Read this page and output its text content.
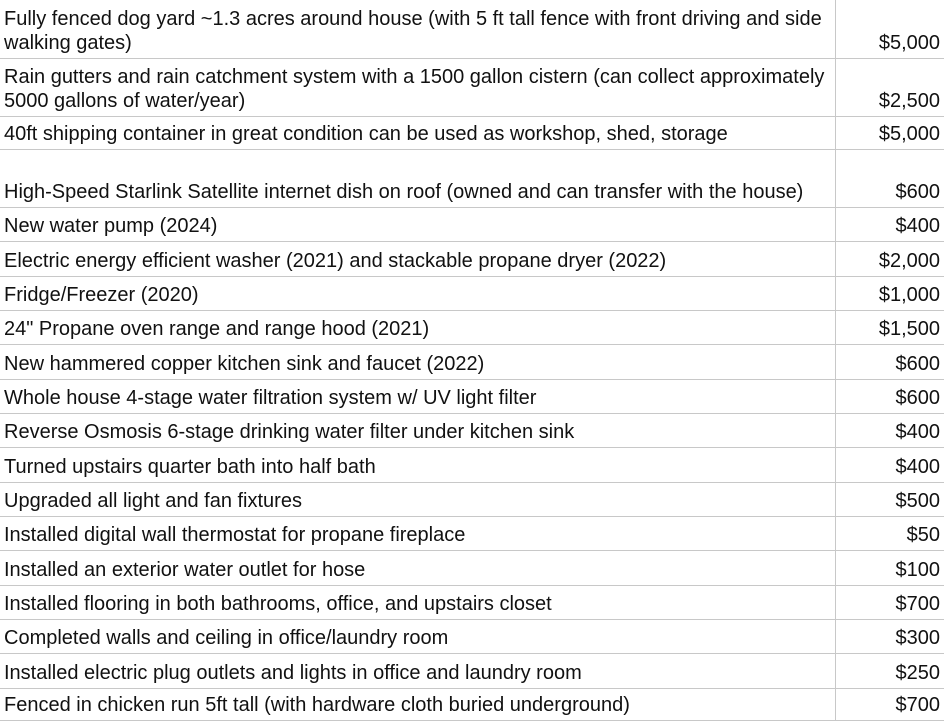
Fully fenced dog yard ~1.3 acres around house (with 5 ft tall fence with front driving and side walking gates)	$5,000
Rain gutters and rain catchment system with a 1500 gallon cistern (can collect approximately 5000 gallons of water/year)	$2,500
40ft shipping container in great condition can be used as workshop, shed, storage	$5,000
High-Speed Starlink Satellite internet dish on roof (owned and can transfer with the house)	$600
New water pump (2024)	$400
Electric energy efficient washer (2021) and stackable propane dryer (2022)	$2,000
Fridge/Freezer (2020)	$1,000
24" Propane oven range and range hood (2021)	$1,500
New hammered copper kitchen sink and faucet (2022)	$600
Whole house 4-stage water filtration system w/ UV light filter	$600
Reverse Osmosis 6-stage drinking water filter under kitchen sink	$400
Turned upstairs quarter bath into half bath	$400
Upgraded all light and fan fixtures	$500
Installed digital wall thermostat for propane fireplace	$50
Installed an exterior water outlet for hose	$100
Installed flooring in both bathrooms, office, and upstairs closet	$700
Completed walls and ceiling in office/laundry room	$300
Installed electric plug outlets and lights in office and laundry room	$250
Fenced in chicken run 5ft tall (with hardware cloth buried underground)	$700
